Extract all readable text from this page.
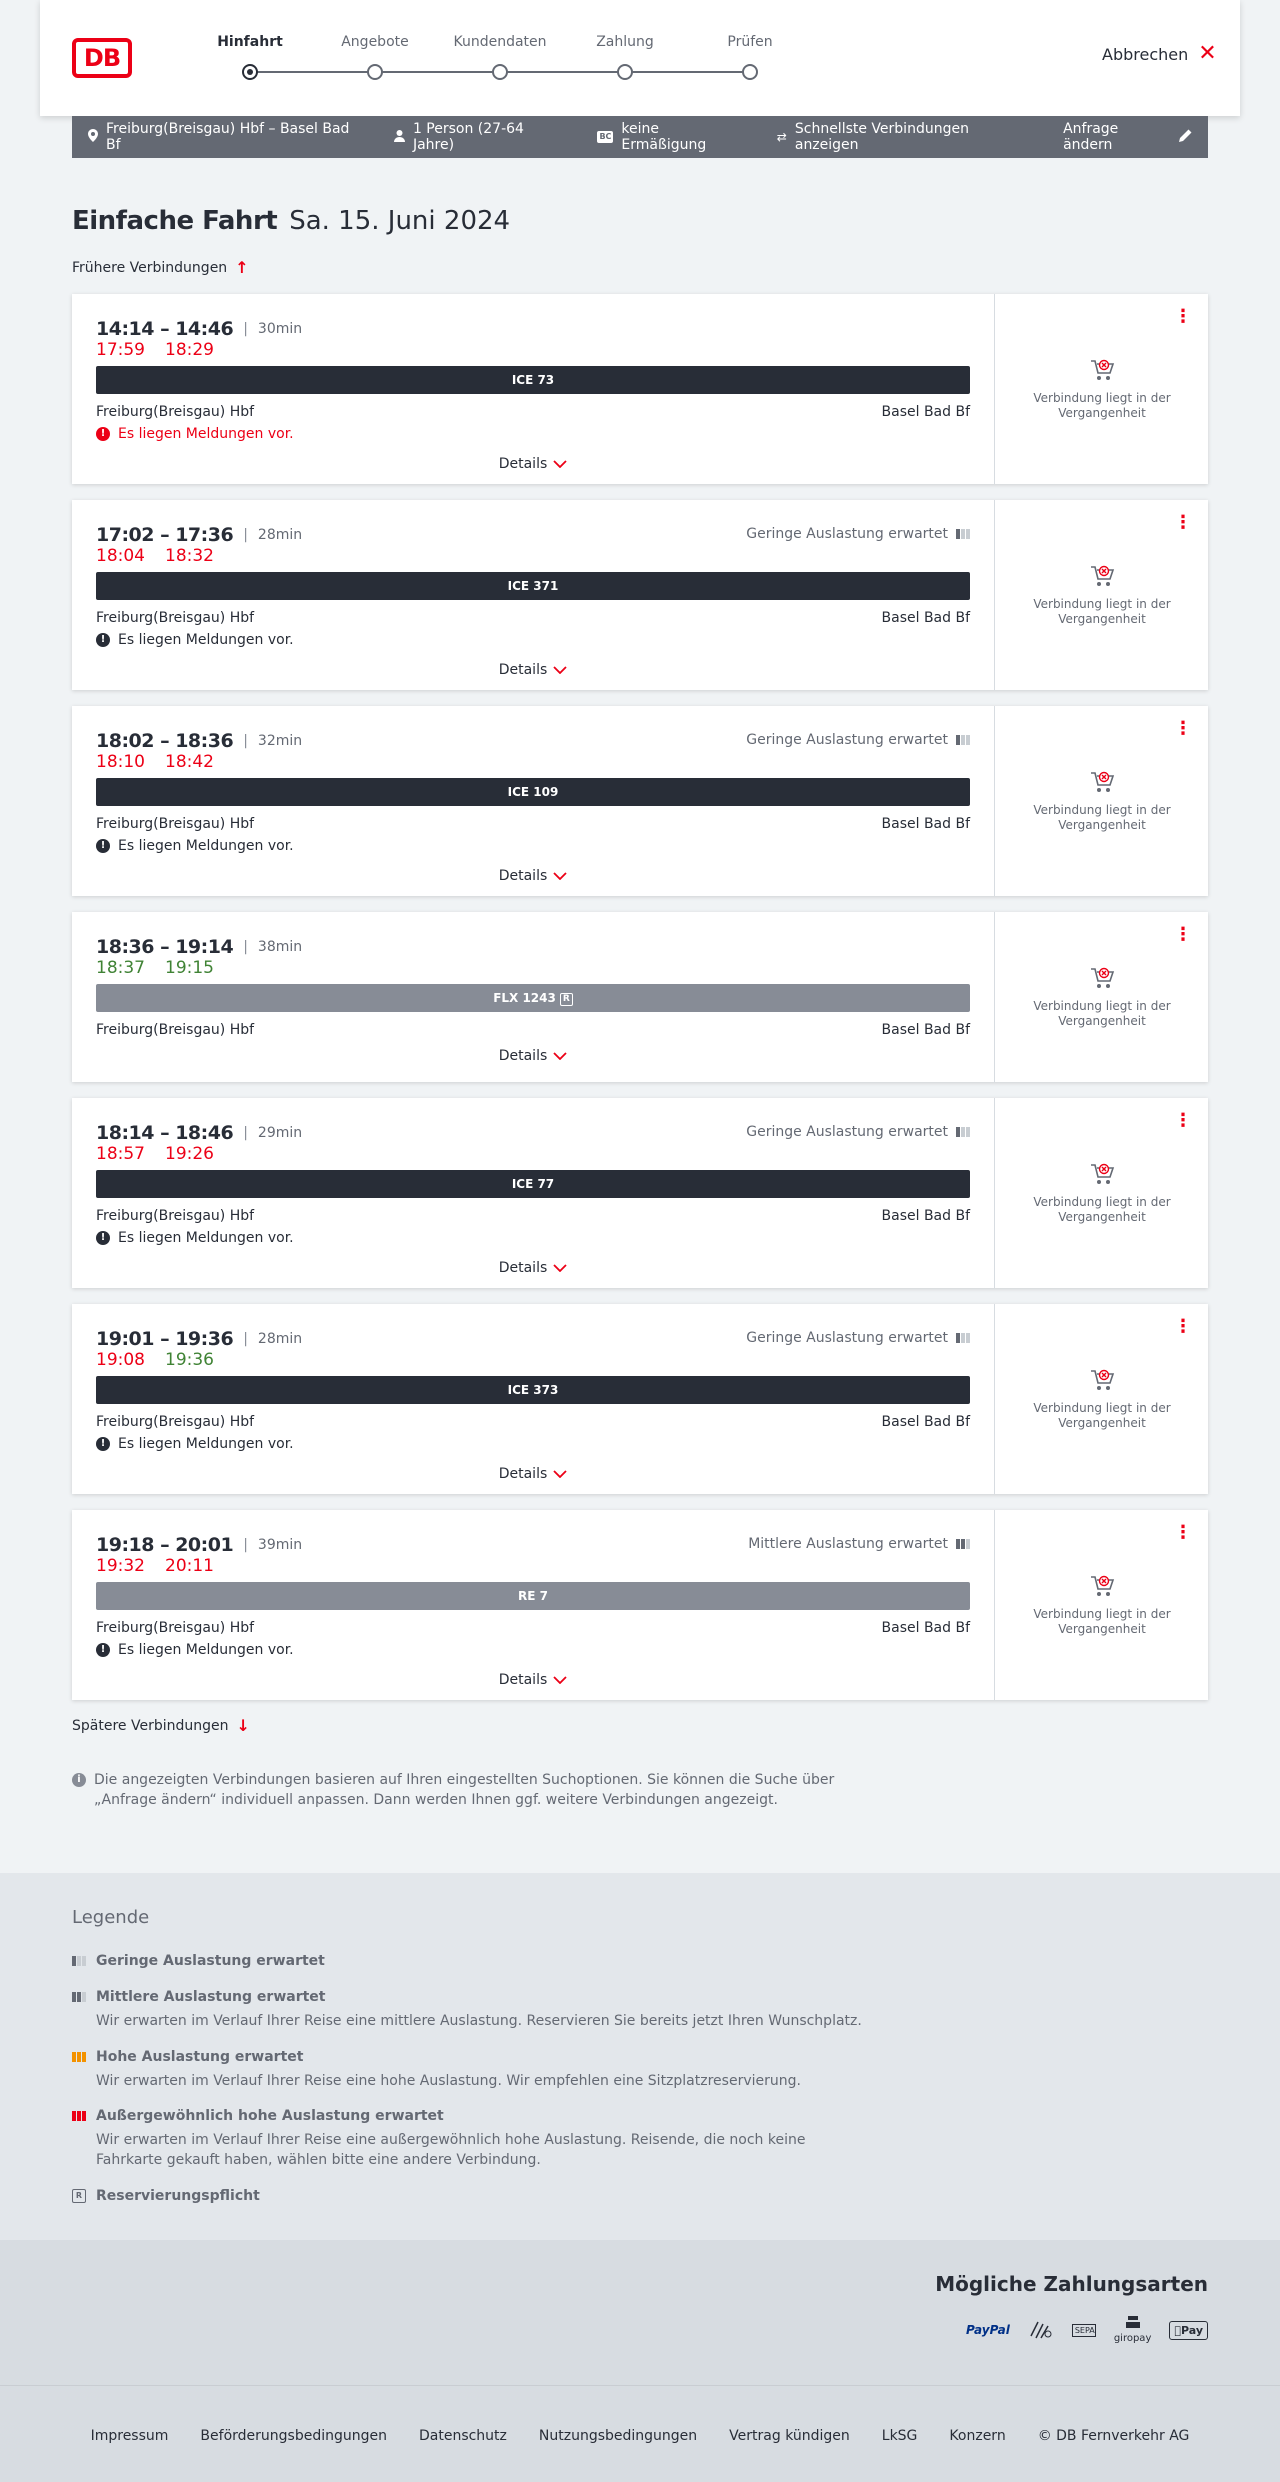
DB
Hinfahrt	Angebote	Kundendaten	Zahlung	Prüfen
Abbrechen ✕
Freiburg(Breisgau) Hbf – Basel Bad Bf
1 Person (27-64 Jahre)
BC keine Ermäßigung	⇄ Schnellste Verbindungen anzeigen
Anfrage ändern
Einfache Fahrt Sa. 15. Juni 2024
Frühere Verbindungen ↑
14:14 – 14:46 | 30min
17:59 18:29
ICE 73
Freiburg(Breisgau) Hbf	Basel Bad Bf
! Es liegen Meldungen vor.
Details
⋮
Verbindung liegt in der Vergangenheit
17:02 – 17:36 | 28min
18:04 18:32
Geringe Auslastung erwartet
ICE 371
Freiburg(Breisgau) Hbf	Basel Bad Bf
! Es liegen Meldungen vor.
Details
⋮
Verbindung liegt in der Vergangenheit
18:02 – 18:36 | 32min
18:10 18:42
Geringe Auslastung erwartet
ICE 109
Freiburg(Breisgau) Hbf	Basel Bad Bf
! Es liegen Meldungen vor.
Details
⋮
Verbindung liegt in der Vergangenheit
18:36 – 19:14 | 38min
18:37 19:15
FLX 1243 R
Freiburg(Breisgau) Hbf	Basel Bad Bf
Details
⋮
Verbindung liegt in der Vergangenheit
18:14 – 18:46 | 29min
18:57 19:26
Geringe Auslastung erwartet
ICE 77
Freiburg(Breisgau) Hbf	Basel Bad Bf
! Es liegen Meldungen vor.
Details
⋮
Verbindung liegt in der Vergangenheit
19:01 – 19:36 | 28min
19:08 19:36
Geringe Auslastung erwartet
ICE 373
Freiburg(Breisgau) Hbf	Basel Bad Bf
! Es liegen Meldungen vor.
Details
⋮
Verbindung liegt in der Vergangenheit
19:18 – 20:01 | 39min
19:32 20:11
Mittlere Auslastung erwartet
RE 7
Freiburg(Breisgau) Hbf	Basel Bad Bf
! Es liegen Meldungen vor.
Details
⋮
Verbindung liegt in der Vergangenheit
Spätere Verbindungen ↓
i Die angezeigten Verbindungen basieren auf Ihren eingestellten Suchoptionen. Sie können die Suche über „Anfrage ändern“ individuell anpassen. Dann werden Ihnen ggf. weitere Verbindungen angezeigt.
Legende
Geringe Auslastung erwartet
Mittlere Auslastung erwartet
Wir erwarten im Verlauf Ihrer Reise eine mittlere Auslastung. Reservieren Sie bereits jetzt Ihren Wunschplatz.
Hohe Auslastung erwartet
Wir erwarten im Verlauf Ihrer Reise eine hohe Auslastung. Wir empfehlen eine Sitzplatzreservierung.
Außergewöhnlich hohe Auslastung erwartet
Wir erwarten im Verlauf Ihrer Reise eine außergewöhnlich hohe Auslastung. Reisende, die noch keine Fahrkarte gekauft haben, wählen bitte eine andere Verbindung.
R Reservierungspflicht
Mögliche Zahlungsarten
PayPal	SEPA
giropay
Pay
Impressum Beförderungsbedingungen Datenschutz Nutzungsbedingungen Vertrag kündigen LkSG Konzern © DB Fernverkehr AG
